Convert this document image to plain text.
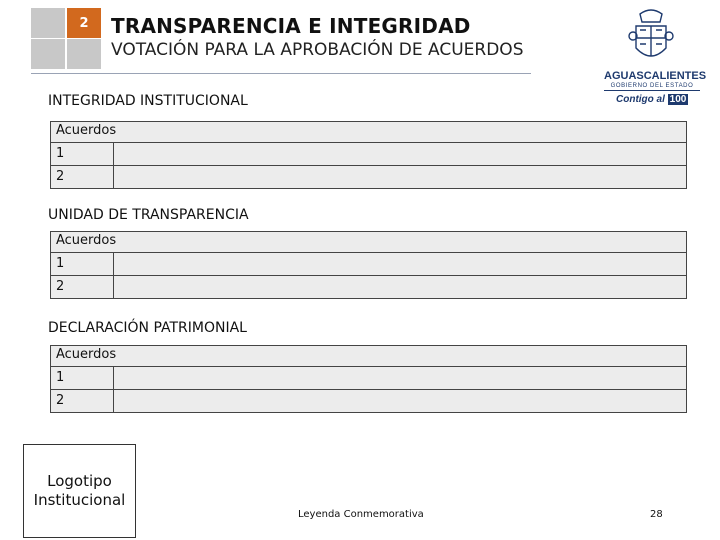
2	TRANSPARENCIA E INTEGRIDAD
VOTACIÓN PARA LA APROBACIÓN DE ACUERDOS
AGUASCALIENTES
GOBIERNO DEL ESTADO
Contigo al 100
INTEGRIDAD INSTITUCIONAL
Acuerdos
1
2
UNIDAD DE TRANSPARENCIA
Acuerdos
1
2
DECLARACIÓN PATRIMONIAL
Acuerdos
1
2
Logotipo
Institucional
Leyenda Conmemorativa	28
